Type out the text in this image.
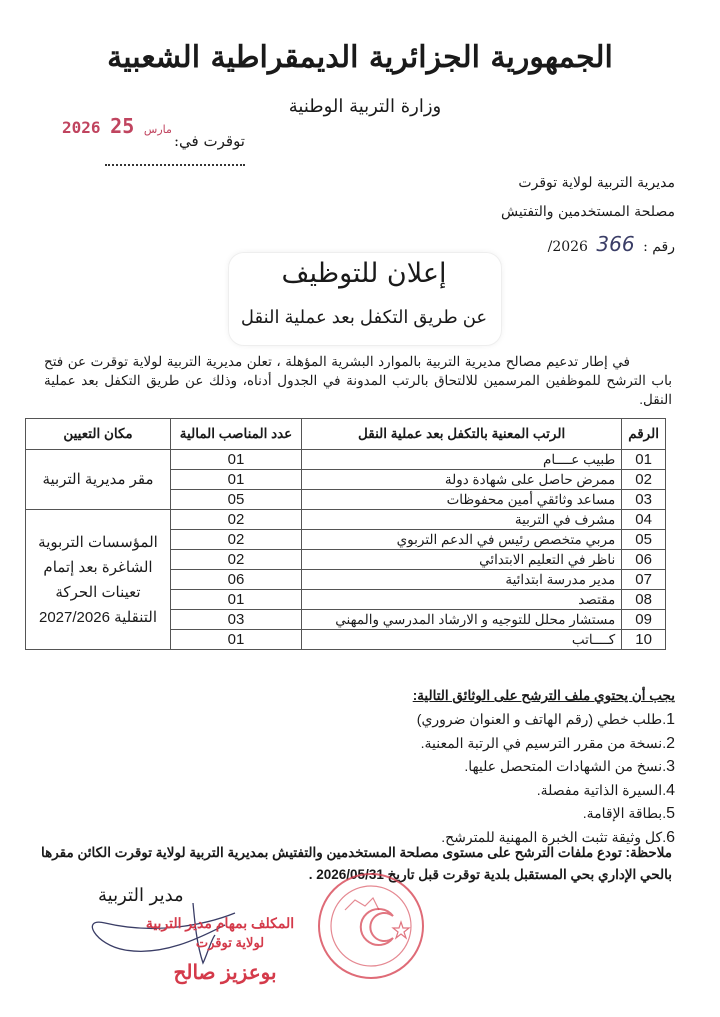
الجمهورية الجزائرية الديمقراطية الشعبية
وزارة التربية الوطنية
2026	مارس 25
توقرت في:
مديرية التربية لولاية توقرت
مصلحة المستخدمين والتفتيش
رقم : 366 2026/
إعلان للتوظيف
عن طريق التكفل بعد عملية النقل
في إطار تدعيم مصالح مديرية التربية بالموارد البشرية المؤهلة ، تعلن مديرية التربية لولاية توقرت عن فتح باب الترشح للموظفين المرسمين للالتحاق بالرتب المدونة في الجدول أدناه، وذلك عن طريق التكفل بعد عملية النقل.
الرقم	الرتب المعنية بالتكفل بعد عملية النقل	عدد المناصب المالية	مكان التعيين
01	طبيب عــــام	01	مقر مديرية التربية
02	ممرض حاصل على شهادة دولة	01	
03	مساعد وثائقي أمين محفوظات	05	
04	مشرف في التربية	02	المؤسسات التربوية الشاغرة بعد إتمام تعينات الحركة التنقلية 2027/2026
05	مربي متخصص رئيس في الدعم التربوي	02	
06	ناظر في التعليم الابتدائي	02	
07	مدير مدرسة ابتدائية	06	
08	مقتصد	01	
09	مستشار محلل للتوجيه و الارشاد المدرسي والمهني	03	
10	كــــاتب	01	
يجب أن يحتوي ملف الترشح على الوثائق التالية:
1.طلب خطي (رقم الهاتف و العنوان ضروري)
2.نسخة من مقرر الترسيم في الرتبة المعنية.
3.نسخ من الشهادات المتحصل عليها.
4.السيرة الذاتية مفصلة.
5.بطاقة الإقامة.
6.كل وثيقة تثبت الخبرة المهنية للمترشح.
ملاحظة: تودع ملفات الترشح على مستوى مصلحة المستخدمين والتفتيش بمديرية التربية لولاية توقرت الكائن مقرها بالحي الإداري بحي المستقبل بلدية توقرت قبل تاريخ 2026/05/31 .
مدير التربية
المكلف بمهام مدير التربية
لولاية توقرت
بوعزيز صالح
